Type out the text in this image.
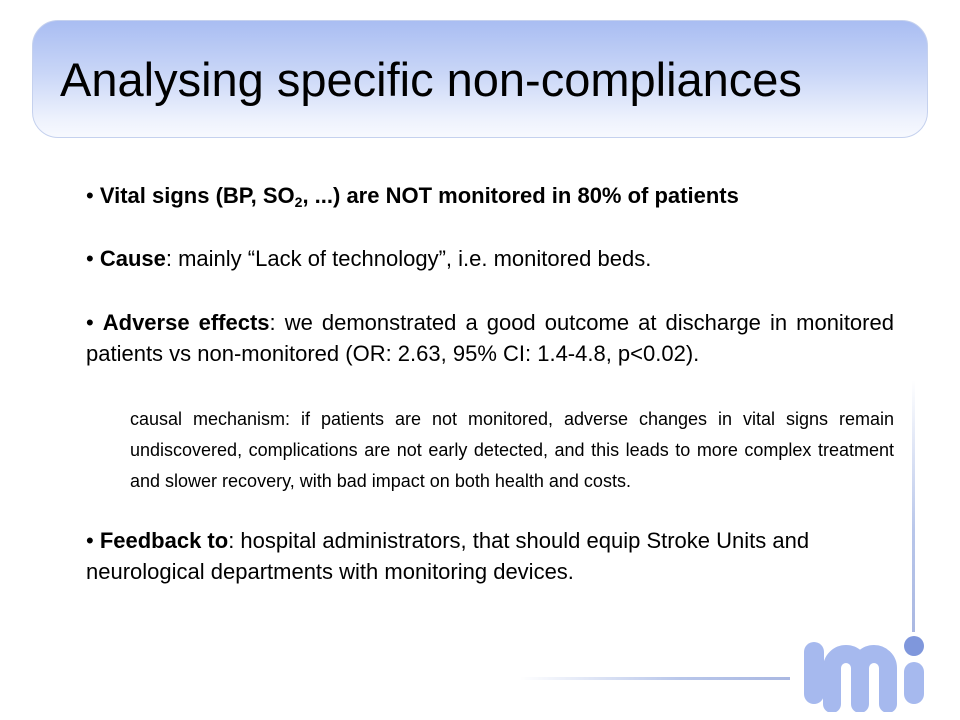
Analysing specific non-compliances

• Vital signs (BP, $SO_2$, ...) are NOT monitored in 80% of patients

• Cause: mainly “Lack of technology”, i.e. monitored beds.

• Adverse effects: we demonstrated a good outcome at discharge in monitored patients vs non-monitored (OR: 2.63, 95% CI: 1.4-4.8, p<0.02).

causal mechanism: if patients are not monitored, adverse changes in vital signs remain undiscovered, complications are not early detected, and this leads to more complex treatment and slower recovery, with bad impact on both health and costs.

• Feedback to: hospital administrators, that should equip Stroke Units and neurological departments with monitoring devices.
